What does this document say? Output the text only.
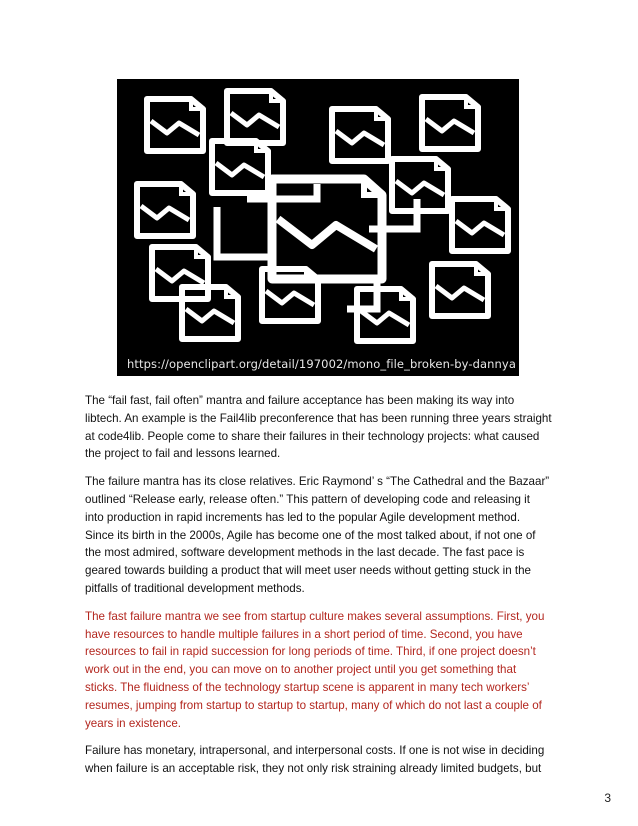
https://openclipart.org/detail/197002/mono_file_broken-by-dannya

The “fail fast, fail often” mantra and failure acceptance has been making its way into
libtech. An example is the Fail4lib preconference that has been running three years straight
at code4lib. People come to share their failures in their technology projects: what caused
the project to fail and lessons learned.

The failure mantra has its close relatives. Eric Raymond’ s “The Cathedral and the Bazaar”
outlined “Release early, release often.” This pattern of developing code and releasing it
into production in rapid increments has led to the popular Agile development method.
Since its birth in the 2000s, Agile has become one of the most talked about, if not one of
the most admired, software development methods in the last decade. The fast pace is
geared towards building a product that will meet user needs without getting stuck in the
pitfalls of traditional development methods.

The fast failure mantra we see from startup culture makes several assumptions. First, you
have resources to handle multiple failures in a short period of time. Second, you have
resources to fail in rapid succession for long periods of time. Third, if one project doesn’t
work out in the end, you can move on to another project until you get something that
sticks. The fluidness of the technology startup scene is apparent in many tech workers’
resumes, jumping from startup to startup to startup, many of which do not last a couple of
years in existence.

Failure has monetary, intrapersonal, and interpersonal costs. If one is not wise in deciding
when failure is an acceptable risk, they not only risk straining already limited budgets, but

3
